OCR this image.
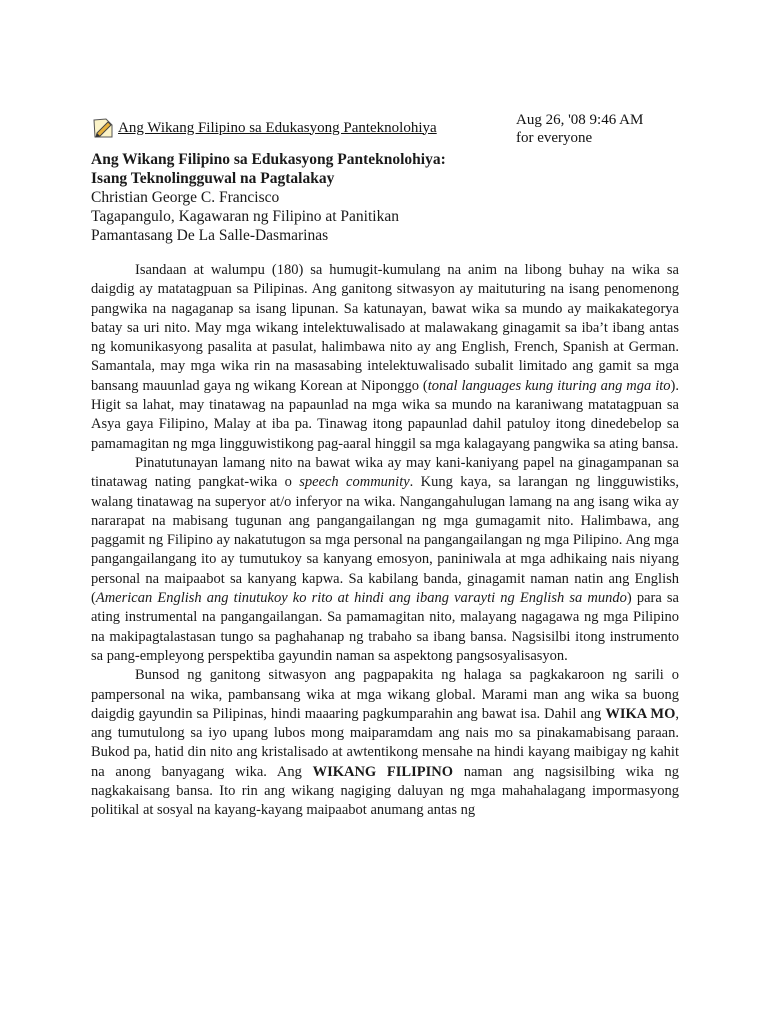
Aug 26, '08 9:46 AM
for everyone
Ang Wikang Filipino sa Edukasyong Panteknolohiya
Ang Wikang Filipino sa Edukasyong Panteknolohiya:
Isang Teknolingguwal na Pagtalakay
Christian George C. Francisco
Tagapangulo, Kagawaran ng Filipino at Panitikan
Pamantasang De La Salle-Dasmarinas

Isandaan at walumpu (180) sa humugit-kumulang na anim na libong buhay na wika sa daigdig ay matatagpuan sa Pilipinas. Ang ganitong sitwasyon ay maituturing na isang penomenong pangwika na nagaganap sa isang lipunan. Sa katunayan, bawat wika sa mundo ay maikakategorya batay sa uri nito. May mga wikang intelektuwalisado at malawakang ginagamit sa iba’t ibang antas ng komunikasyong pasalita at pasulat, halimbawa nito ay ang English, French, Spanish at German. Samantala, may mga wika rin na masasabing intelektuwalisado subalit limitado ang gamit sa mga bansang mauunlad gaya ng wikang Korean at Niponggo (tonal languages kung ituring ang mga ito). Higit sa lahat, may tinatawag na papaunlad na mga wika sa mundo na karaniwang matatagpuan sa Asya gaya Filipino, Malay at iba pa. Tinawag itong papaunlad dahil patuloy itong dinedebelop sa pamamagitan ng mga lingguwistikong pag-aaral hinggil sa mga kalagayang pangwika sa ating bansa.

Pinatutunayan lamang nito na bawat wika ay may kani-kaniyang papel na ginagampanan sa tinatawag nating pangkat-wika o speech community. Kung kaya, sa larangan ng lingguwistiks, walang tinatawag na superyor at/o inferyor na wika. Nangangahulugan lamang na ang isang wika ay nararapat na mabisang tugunan ang pangangailangan ng mga gumagamit nito. Halimbawa, ang paggamit ng Filipino ay nakatutugon sa mga personal na pangangailangan ng mga Pilipino. Ang mga pangangailangang ito ay tumutukoy sa kanyang emosyon, paniniwala at mga adhikaing nais niyang personal na maipaabot sa kanyang kapwa. Sa kabilang banda, ginagamit naman natin ang English (American English ang tinutukoy ko rito at hindi ang ibang varayti ng English sa mundo) para sa ating instrumental na pangangailangan. Sa pamamagitan nito, malayang nagagawa ng mga Pilipino na makipagtalastasan tungo sa paghahanap ng trabaho sa ibang bansa. Nagsisilbi itong instrumento sa pang-empleyong perspektiba gayundin naman sa aspektong pangsosyalisasyon.

Bunsod ng ganitong sitwasyon ang pagpapakita ng halaga sa pagkakaroon ng sarili o pampersonal na wika, pambansang wika at mga wikang global. Marami man ang wika sa buong daigdig gayundin sa Pilipinas, hindi maaaring pagkumparahin ang bawat isa. Dahil ang WIKA MO, ang tumutulong sa iyo upang lubos mong maiparamdam ang nais mo sa pinakamabisang paraan. Bukod pa, hatid din nito ang kristalisado at awtentikong mensahe na hindi kayang maibigay ng kahit na anong banyagang wika. Ang WIKANG FILIPINO naman ang nagsisilbing wika ng nagkakaisang bansa. Ito rin ang wikang nagiging daluyan ng mga mahahalagang impormasyong politikal at sosyal na kayang-kayang maipaabot anumang antas ng
